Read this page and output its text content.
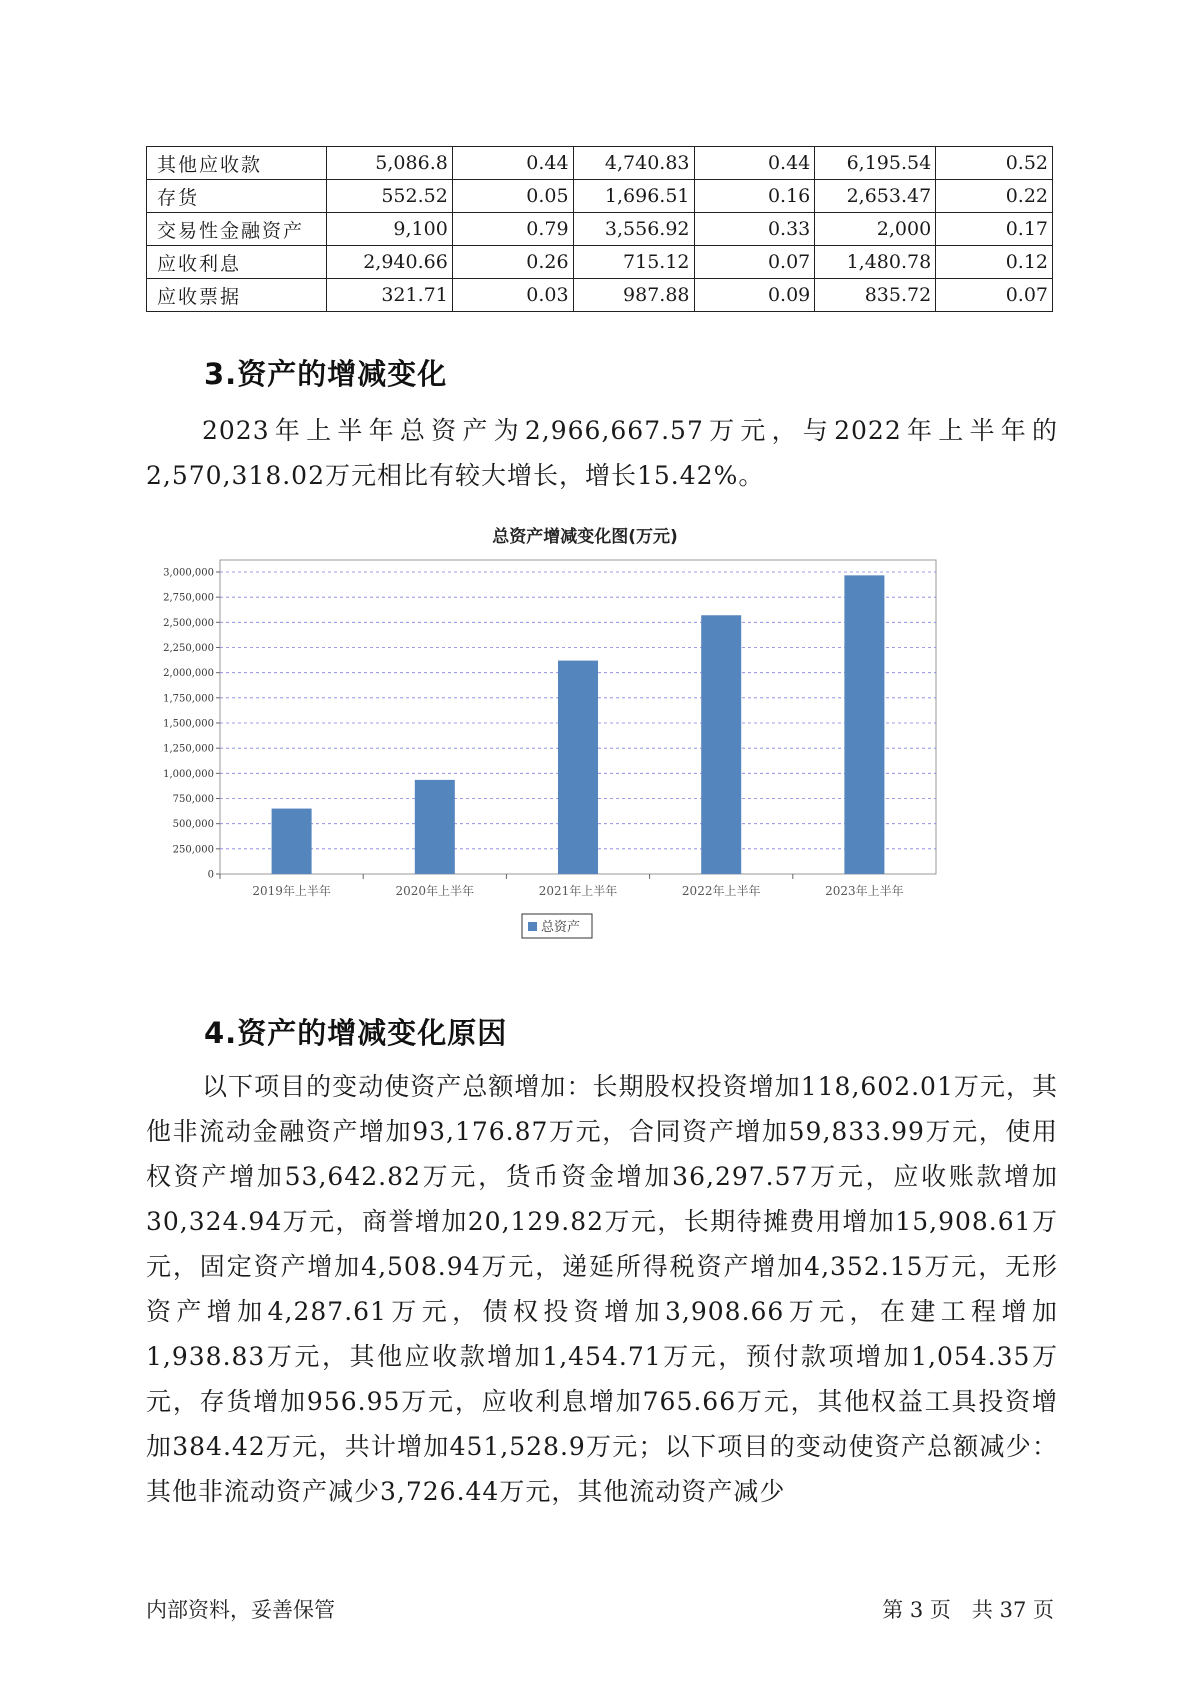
其他应收款	5,086.8	0.44	4,740.83	0.44	6,195.54	0.52
存货	552.52	0.05	1,696.51	0.16	2,653.47	0.22
交易性金融资产	9,100	0.79	3,556.92	0.33	2,000	0.17
应收利息	2,940.66	0.26	715.12	0.07	1,480.78	0.12
应收票据	321.71	0.03	987.88	0.09	835.72	0.07
3.资产的增减变化

2023年上半年总资产为2,966,667.57万元，与2022年上半年的2,570,318.02万元相比有较大增长，增长15.42%。

总资产增减变化图(万元)
0
250,000
500,000
750,000
1,000,000
1,250,000
1,500,000
1,750,000
2,000,000
2,250,000
2,500,000
2,750,000
3,000,000
2019年上半年	2020年上半年	2021年上半年	2022年上半年	2023年上半年
总资产
4.资产的增减变化原因

以下项目的变动使资产总额增加：长期股权投资增加118,602.01万元，其他非流动金融资产增加93,176.87万元，合同资产增加59,833.99万元，使用权资产增加53,642.82万元，货币资金增加36,297.57万元，应收账款增加30,324.94万元，商誉增加20,129.82万元，长期待摊费用增加15,908.61万元，固定资产增加4,508.94万元，递延所得税资产增加4,352.15万元，无形资产增加4,287.61万元，债权投资增加3,908.66万元，在建工程增加1,938.83万元，其他应收款增加1,454.71万元，预付款项增加1,054.35万元，存货增加956.95万元，应收利息增加765.66万元，其他权益工具投资增加384.42万元，共计增加451,528.9万元；以下项目的变动使资产总额减少：其他非流动资产减少3,726.44万元，其他流动资产减少

内部资料，妥善保管	第 3 页　共 37 页
